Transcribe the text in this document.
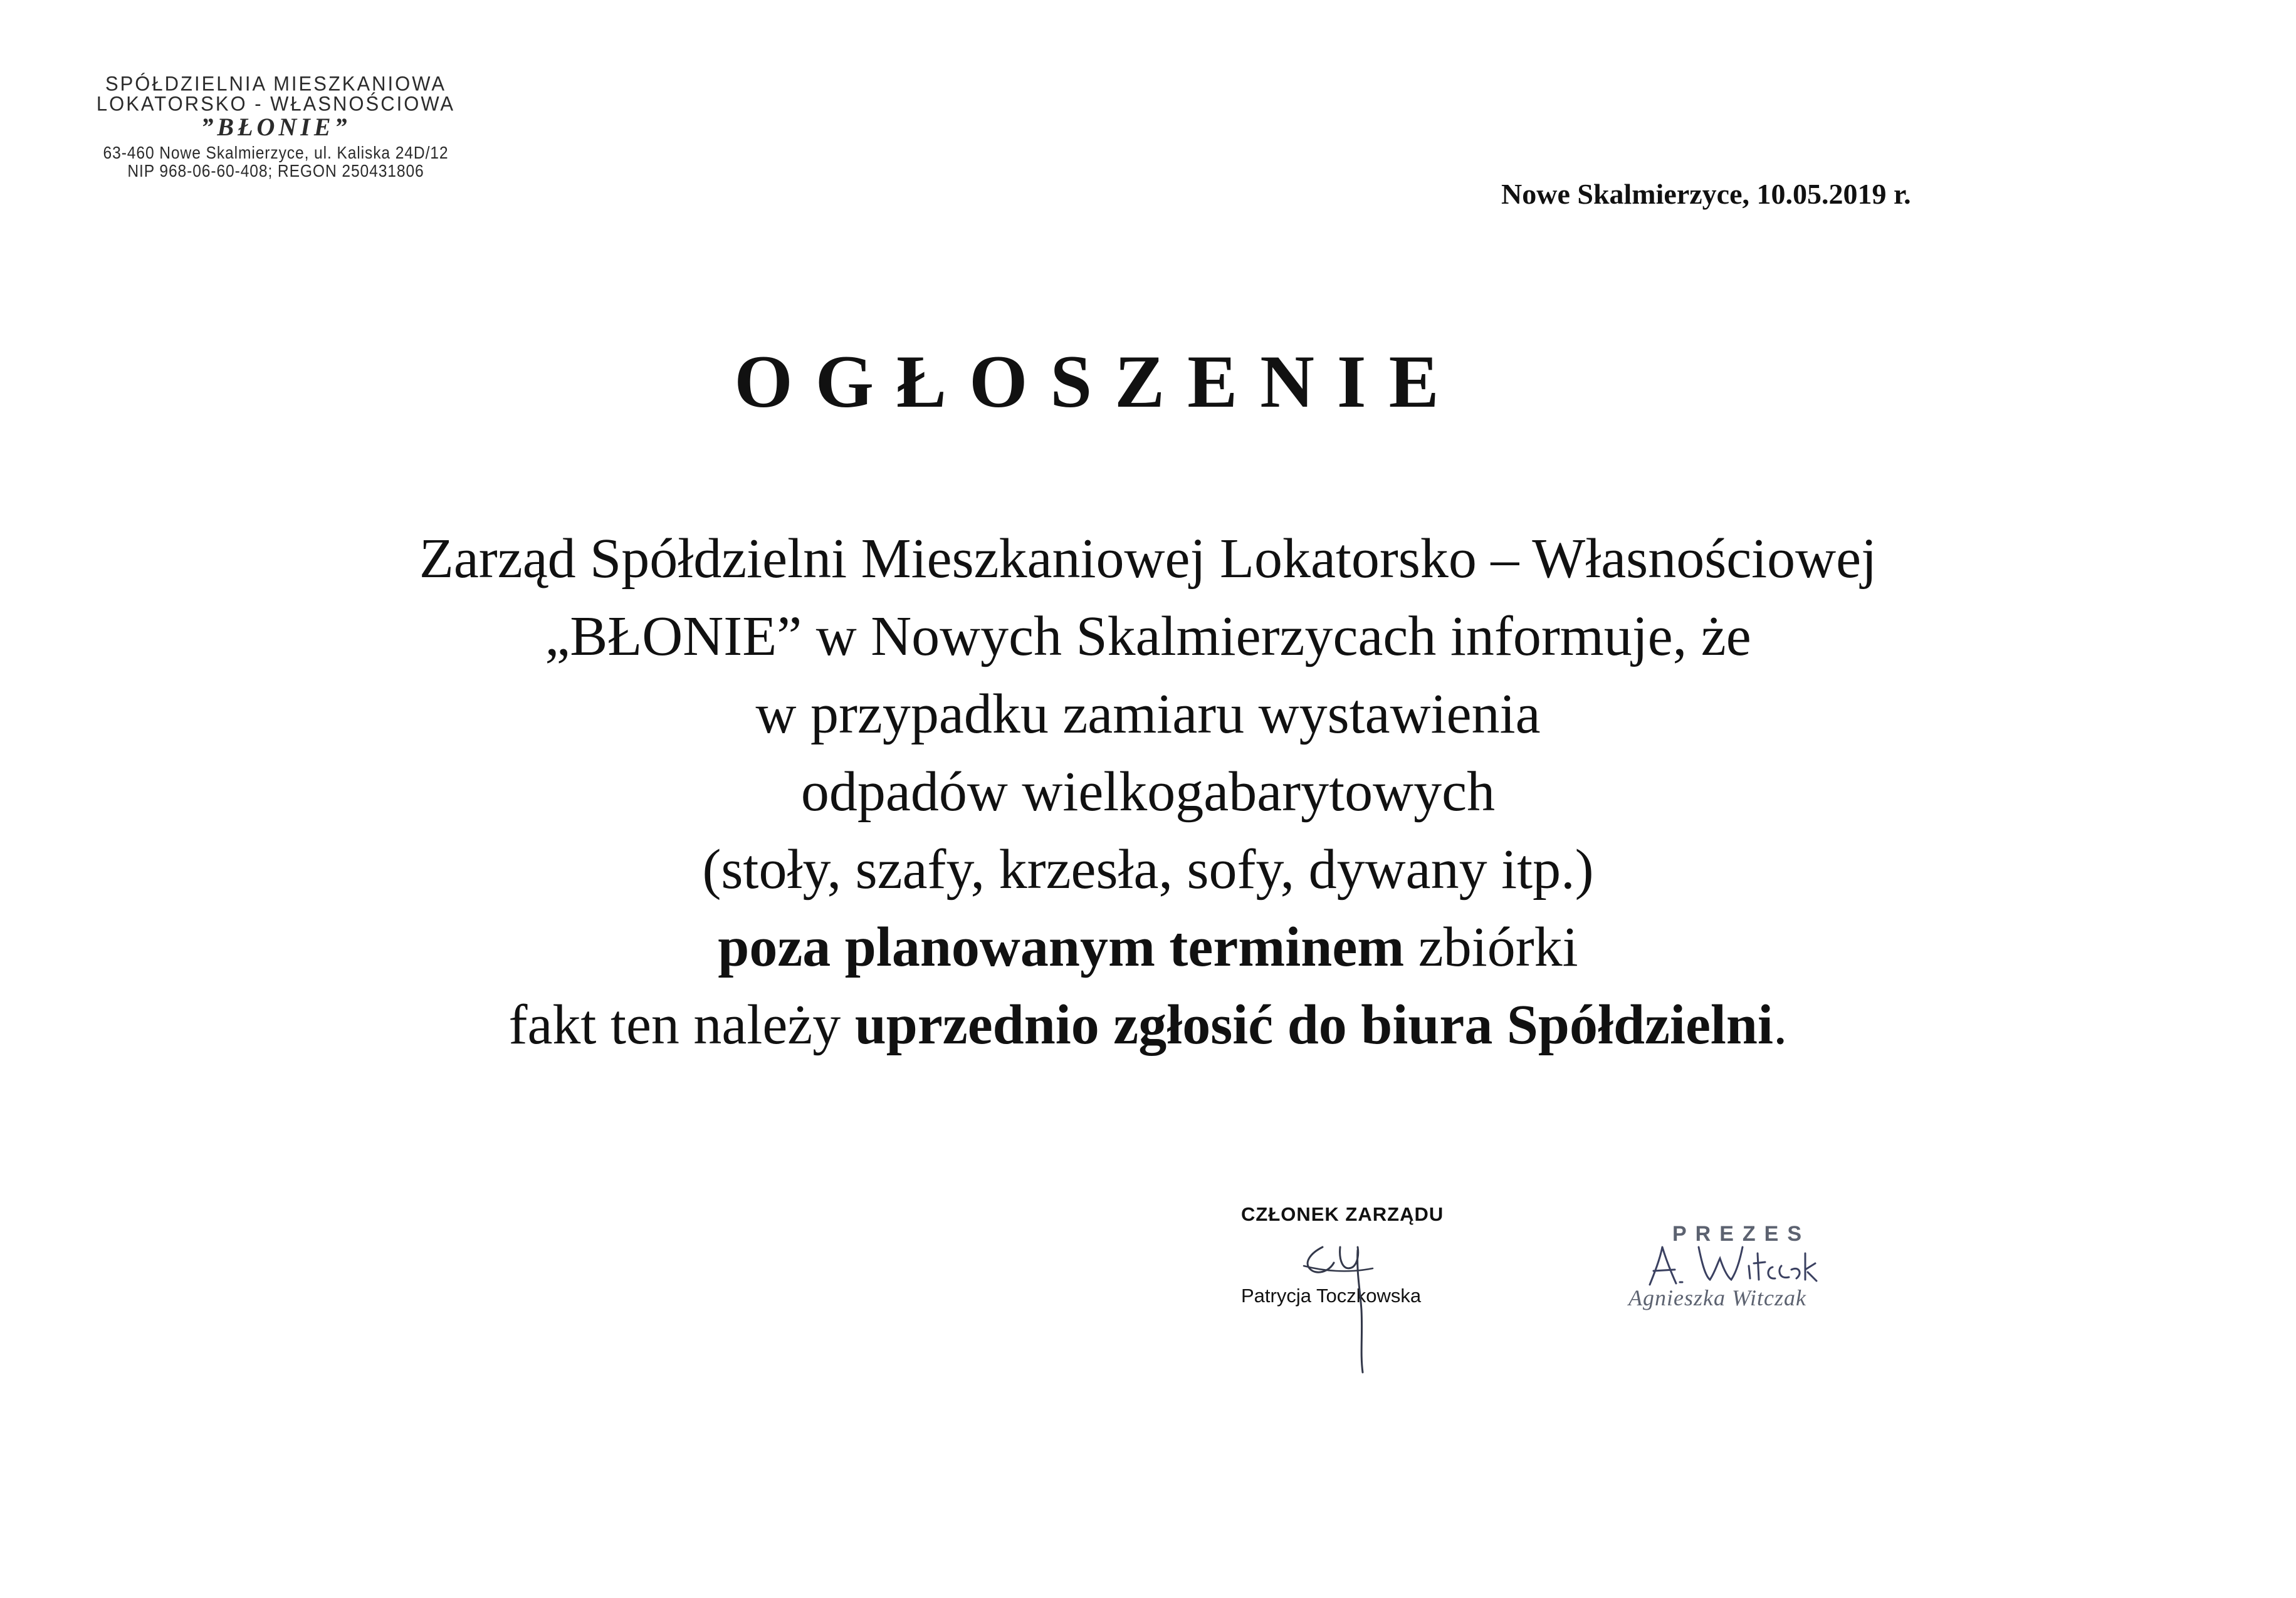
SPÓŁDZIELNIA MIESZKANIOWA
LOKATORSKO - WŁASNOŚCIOWA
”BŁONIE”
63-460 Nowe Skalmierzyce, ul. Kaliska 24D/12
NIP 968-06-60-408; REGON 250431806
Nowe Skalmierzyce, 10.05.2019 r.
OGŁOSZENIE
Zarząd Spółdzielni Mieszkaniowej Lokatorsko – Własnościowej
„BŁONIE” w Nowych Skalmierzycach informuje, że
w przypadku zamiaru wystawienia
odpadów wielkogabarytowych
(stoły, szafy, krzesła, sofy, dywany itp.)
poza planowanym terminem zbiórki
fakt ten należy uprzednio zgłosić do biura Spółdzielni.
CZŁONEK ZARZĄDU
Patrycja Toczkowska
PREZES
Agnieszka Witczak
